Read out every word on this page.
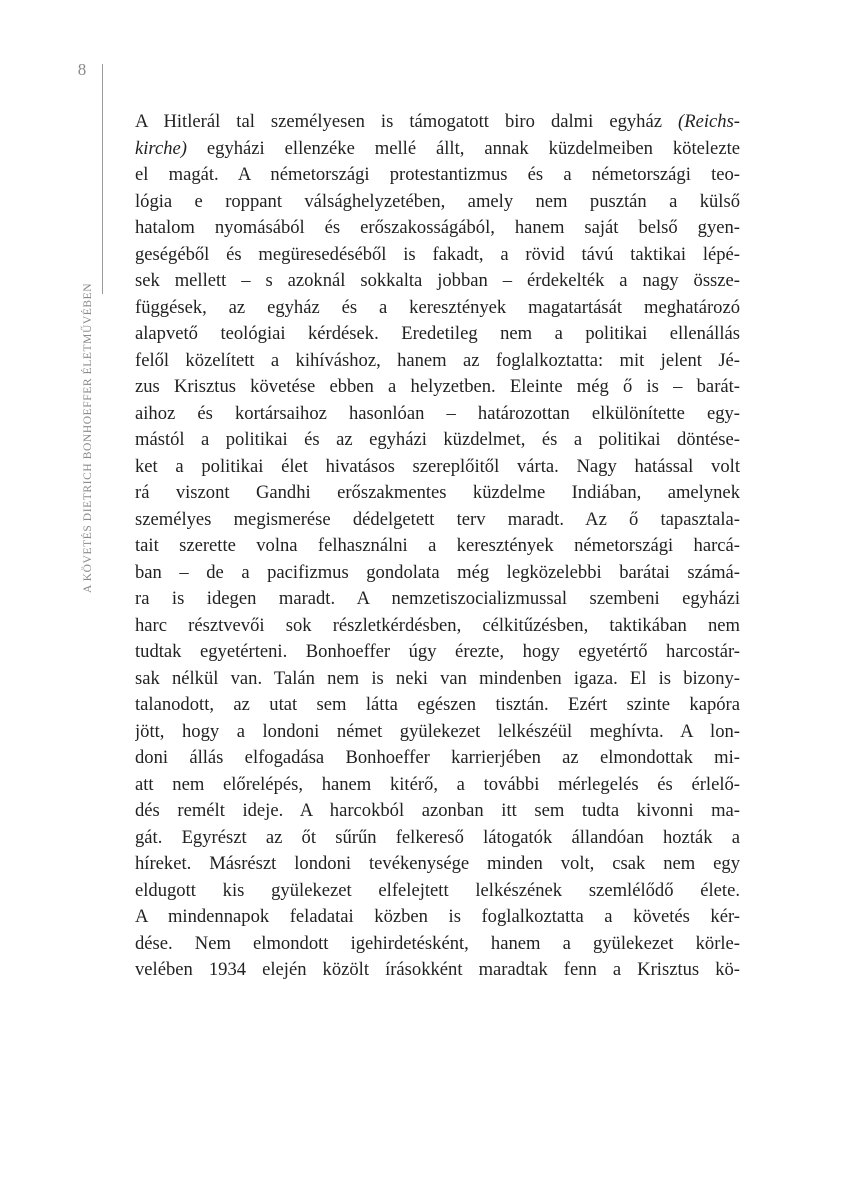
8
A KÖVETÉS DIETRICH BONHOEFFER ÉLETMŰVÉBEN

A Hitlerál tal személyesen is támogatott biro dalmi egyház (Reichs-
kirche) egyházi ellenzéke mellé állt, annak küzdelmeiben kötelezte
el magát. A németországi protestantizmus és a németországi teo-
lógia e roppant válsághelyzetében, amely nem pusztán a külső
hatalom nyomásából és erőszakosságából, hanem saját belső gyen-
geségéből és megüresedéséből is fakadt, a rövid távú taktikai lépé-
sek mellett – s azoknál sokkalta jobban – érdekelték a nagy össze-
függések, az egyház és a keresztények magatartását meghatározó
alapvető teológiai kérdések. Eredetileg nem a politikai ellenállás
felől közelített a kihíváshoz, hanem az foglalkoztatta: mit jelent Jé-
zus Krisztus követése ebben a helyzetben. Eleinte még ő is – barát-
aihoz és kortársaihoz hasonlóan – határozottan elkülönítette egy-
mástól a politikai és az egyházi küzdelmet, és a politikai döntése-
ket a politikai élet hivatásos szereplőitől várta. Nagy hatással volt
rá viszont Gandhi erőszakmentes küzdelme Indiában, amelynek
személyes megismerése dédelgetett terv maradt. Az ő tapasztala-
tait szerette volna felhasználni a keresztények németországi harcá-
ban – de a pacifizmus gondolata még legközelebbi barátai számá-
ra is idegen maradt. A nemzetiszocializmussal szembeni egyházi
harc résztvevői sok részletkérdésben, célkitűzésben, taktikában nem
tudtak egyetérteni. Bonhoeffer úgy érezte, hogy egyetértő harcostár-
sak nélkül van. Talán nem is neki van mindenben igaza. El is bizony-
talanodott, az utat sem látta egészen tisztán. Ezért szinte kapóra
jött, hogy a londoni német gyülekezet lelkészéül meghívta. A lon-
doni állás elfogadása Bonhoeffer karrierjében az elmondottak mi-
att nem előrelépés, hanem kitérő, a további mérlegelés és érlelő-
dés remélt ideje. A harcokból azonban itt sem tudta kivonni ma-
gát. Egyrészt az őt sűrűn felkereső látogatók állandóan hozták a
híreket. Másrészt londoni tevékenysége minden volt, csak nem egy
eldugott kis gyülekezet elfelejtett lelkészének szemlélődő élete.
A mindennapok feladatai közben is foglalkoztatta a követés kér-
dése. Nem elmondott igehirdetésként, hanem a gyülekezet körle-
velében 1934 elején közölt írásokként maradtak fenn a Krisztus kö-
